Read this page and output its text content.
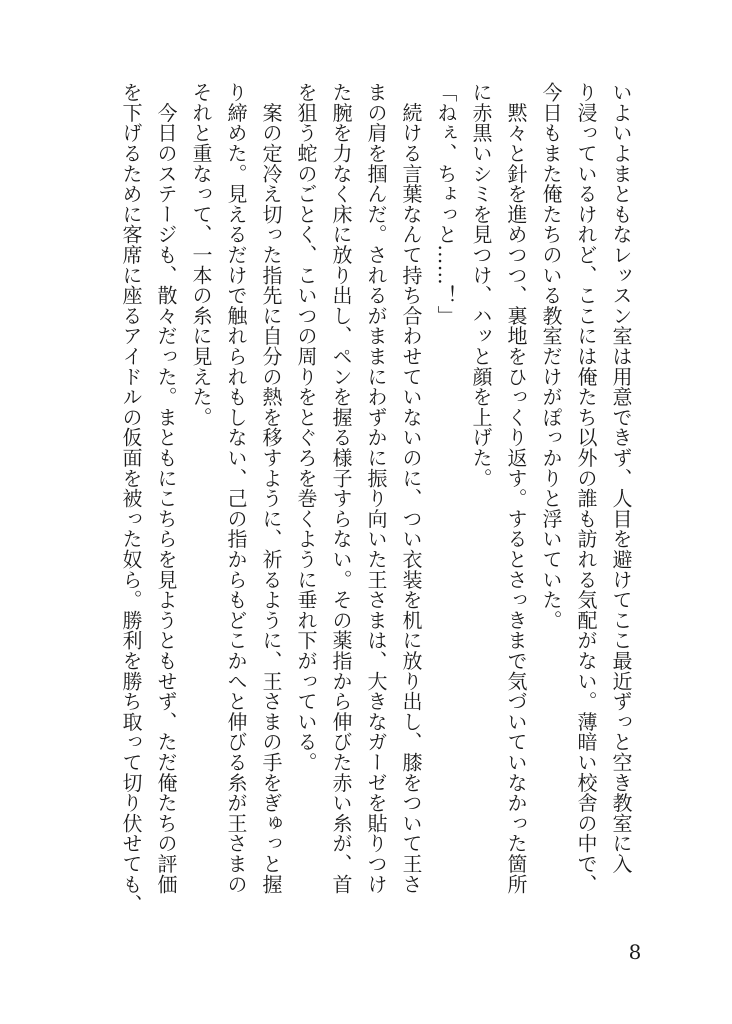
いよいよまともなレッスン室は用意できず、人目を避けてここ最近ずっと空き教室に入

り浸っているけれど、ここには俺たち以外の誰も訪れる気配がない。薄暗い校舎の中で、

今日もまた俺たちのいる教室だけがぽっかりと浮いていた。

　黙々と針を進めつつ、裏地をひっくり返す。するとさっきまで気づいていなかった箇所

に赤黒いシミを見つけ、ハッと顔を上げた。

「ねぇ、ちょっと……！」

　続ける言葉なんて持ち合わせていないのに、つい衣装を机に放り出し、膝をついて王さ

まの肩を掴んだ。されるがままにわずかに振り向いた王さまは、大きなガーゼを貼りつけ

た腕を力なく床に放り出し、ペンを握る様子すらない。その薬指から伸びた赤い糸が、首

を狙う蛇のごとく、こいつの周りをとぐろを巻くように垂れ下がっている。

　案の定冷え切った指先に自分の熱を移すように、祈るように、王さまの手をぎゅっと握

り締めた。見えるだけで触れられもしない、己の指からもどこかへと伸びる糸が王さまの

それと重なって、一本の糸に見えた。

　今日のステージも、散々だった。まともにこちらを見ようともせず、ただ俺たちの評価

を下げるために客席に座るアイドルの仮面を被った奴ら。勝利を勝ち取って切り伏せても、

8
